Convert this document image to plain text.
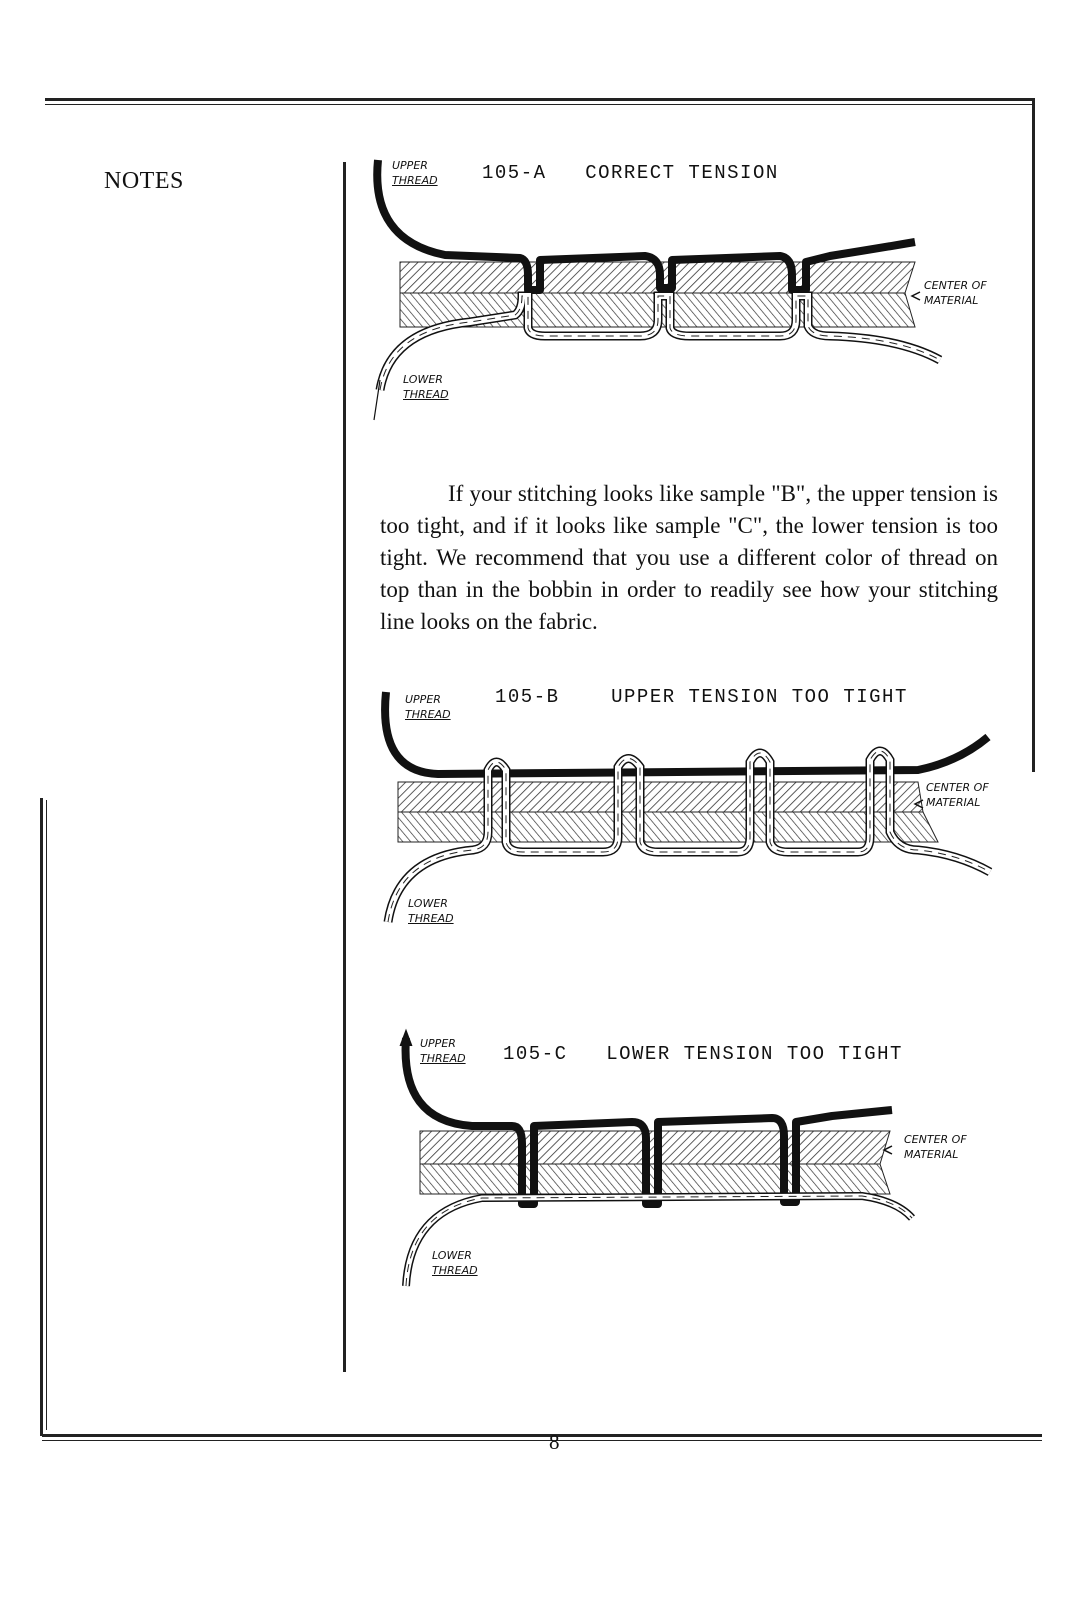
NOTES
UPPER
THREAD 105-A   CORRECT TENSION
CENTER OF
MATERIAL
LOWER
THREAD
If your stitching looks like sample "B", the upper tension is too tight, and if it looks like sample "C", the lower tension is too tight. We recommend that you use a different color of thread on top than in the bobbin in order to readily see how your stitching line looks on the fabric.
UPPER
THREAD
105-B    UPPER TENSION TOO TIGHT
CENTER OF
MATERIAL
LOWER
THREAD
UPPER
THREAD 105-C   LOWER TENSION TOO TIGHT
CENTER OF
MATERIAL
LOWER
THREAD
8
